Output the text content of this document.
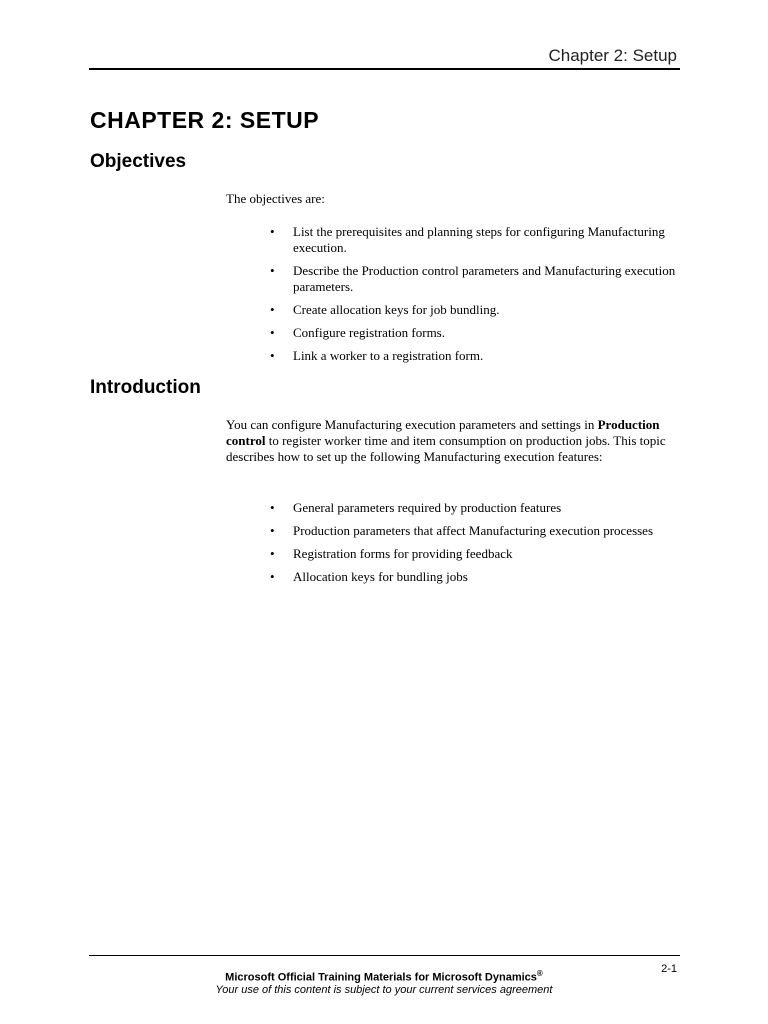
Chapter 2: Setup
CHAPTER 2: SETUP
Objectives

The objectives are:

• List the prerequisites and planning steps for configuring Manufacturing execution.
• Describe the Production control parameters and Manufacturing execution parameters.
• Create allocation keys for job bundling.
• Configure registration forms.
• Link a worker to a registration form.
Introduction

You can configure Manufacturing execution parameters and settings in Production control to register worker time and item consumption on production jobs. This topic describes how to set up the following Manufacturing execution features:

• General parameters required by production features
• Production parameters that affect Manufacturing execution processes
• Registration forms for providing feedback
• Allocation keys for bundling jobs
2-1
Microsoft Official Training Materials for Microsoft Dynamics®
Your use of this content is subject to your current services agreement
